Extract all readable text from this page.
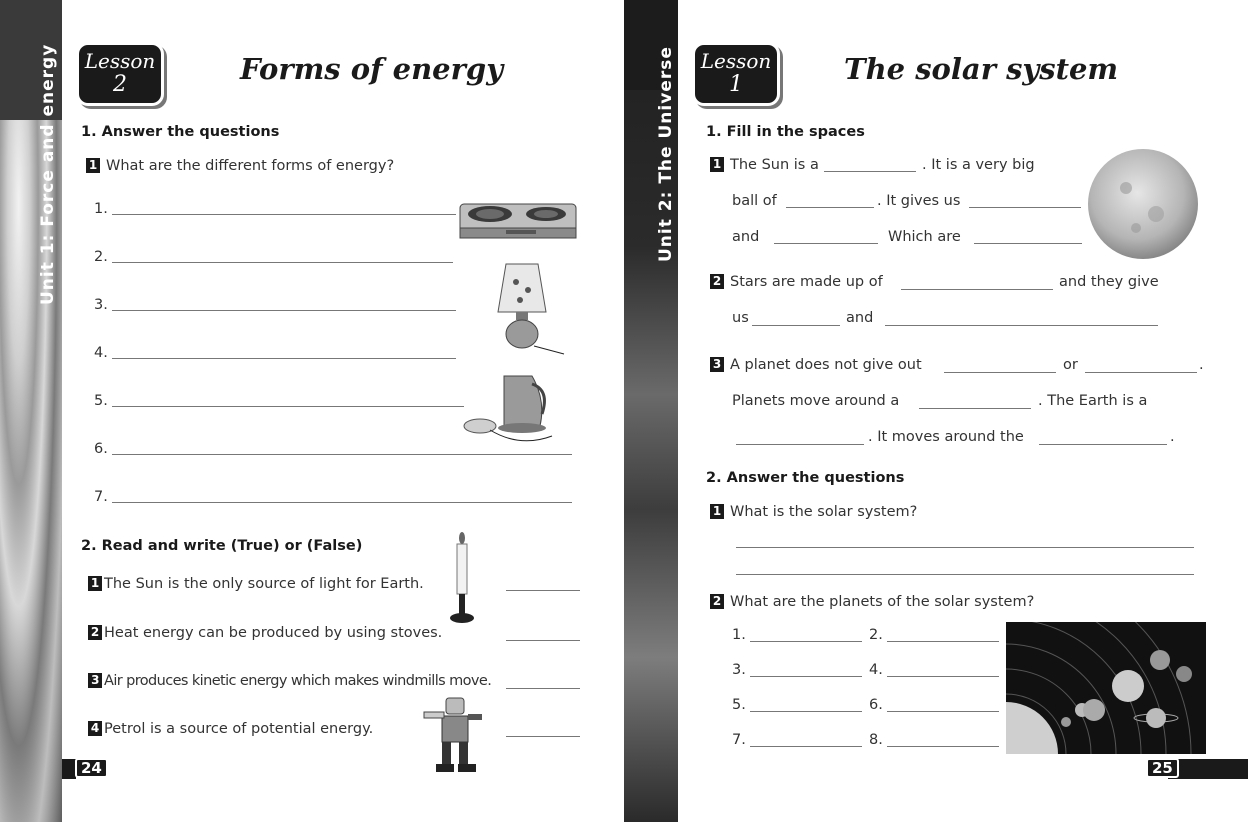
Unit 1: Force and energy Lesson
2	Forms of energy
1. Answer the questions
1 What are the different forms of energy?
1.
2.
3.
4.
5.
6.
7.
2. Read and write (True) or (False)
1 The Sun is the only source of light for Earth.
2 Heat energy can be produced by using stoves.
3 Air produces kinetic energy which makes windmills move.
4 Petrol is a source of potential energy.
24
Unit 2: The Universe Lesson
1	The solar system
1. Fill in the spaces
1 The Sun is a	. It is a very big
ball of	. It gives us
and	Which are
2 Stars are made up of	and they give
us	and
3 A planet does not give out	or	.
Planets move around a	. The Earth is a
. It moves around the	.
2. Answer the questions
1 What is the solar system?
2 What are the planets of the solar system?
1.	2.
3.	4.
5.	6.
7.	8.
25
